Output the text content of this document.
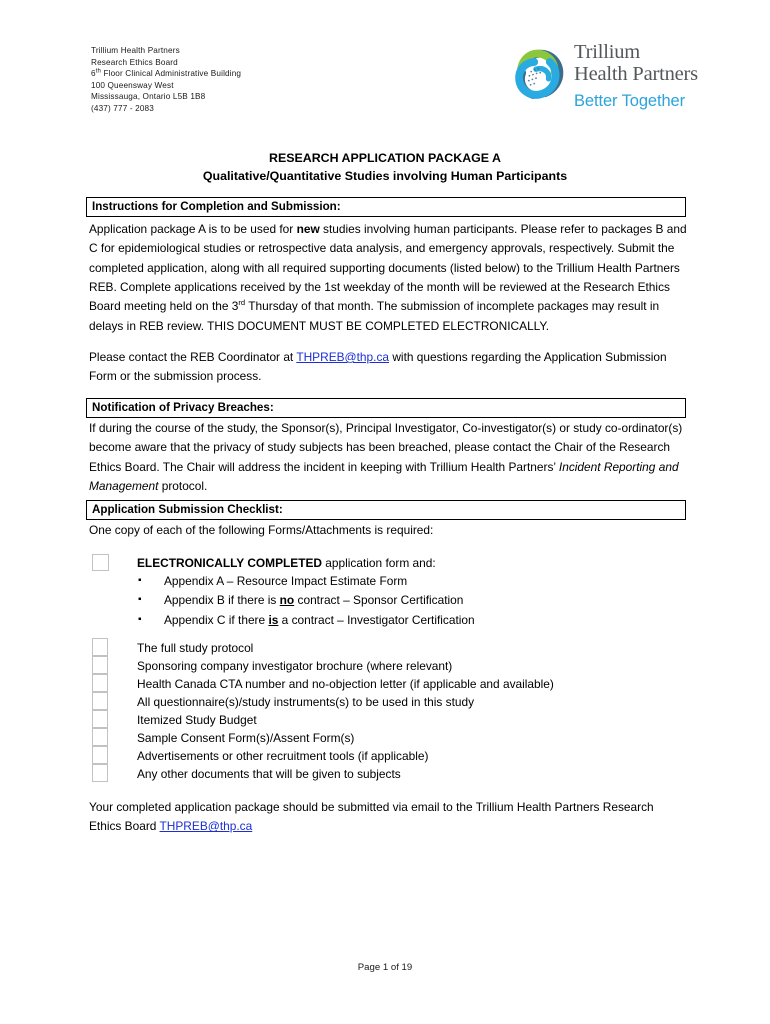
Trillium Health Partners
Research Ethics Board
6th Floor Clinical Administrative Building
100 Queensway West
Mississauga, Ontario L5B 1B8
(437) 777 - 2083
Trillium
Health Partners
Better Together
RESEARCH APPLICATION PACKAGE A
Qualitative/Quantitative Studies involving Human Participants
Instructions for Completion and Submission:
Application package A is to be used for new studies involving human participants. Please refer to packages B and C for epidemiological studies or retrospective data analysis, and emergency approvals, respectively. Submit the completed application, along with all required supporting documents (listed below) to the Trillium Health Partners REB. Complete applications received by the 1st weekday of the month will be reviewed at the Research Ethics Board meeting held on the 3rd Thursday of that month. The submission of incomplete packages may result in delays in REB review. THIS DOCUMENT MUST BE COMPLETED ELECTRONICALLY.
Please contact the REB Coordinator at THPREB@thp.ca with questions regarding the Application Submission Form or the submission process.
Notification of Privacy Breaches:
If during the course of the study, the Sponsor(s), Principal Investigator, Co-investigator(s) or study co-ordinator(s) become aware that the privacy of study subjects has been breached, please contact the Chair of the Research Ethics Board. The Chair will address the incident in keeping with Trillium Health Partners’ Incident Reporting and Management protocol.
Application Submission Checklist:
One copy of each of the following Forms/Attachments is required:
ELECTRONICALLY COMPLETED application form and:
▪ Appendix A – Resource Impact Estimate Form
▪ Appendix B if there is no contract – Sponsor Certification
▪ Appendix C if there is a contract – Investigator Certification
The full study protocol
Sponsoring company investigator brochure (where relevant)
Health Canada CTA number and no-objection letter (if applicable and available)
All questionnaire(s)/study instruments(s) to be used in this study
Itemized Study Budget
Sample Consent Form(s)/Assent Form(s)
Advertisements or other recruitment tools (if applicable)
Any other documents that will be given to subjects
Your completed application package should be submitted via email to the Trillium Health Partners Research Ethics Board THPREB@thp.ca
Page 1 of 19
